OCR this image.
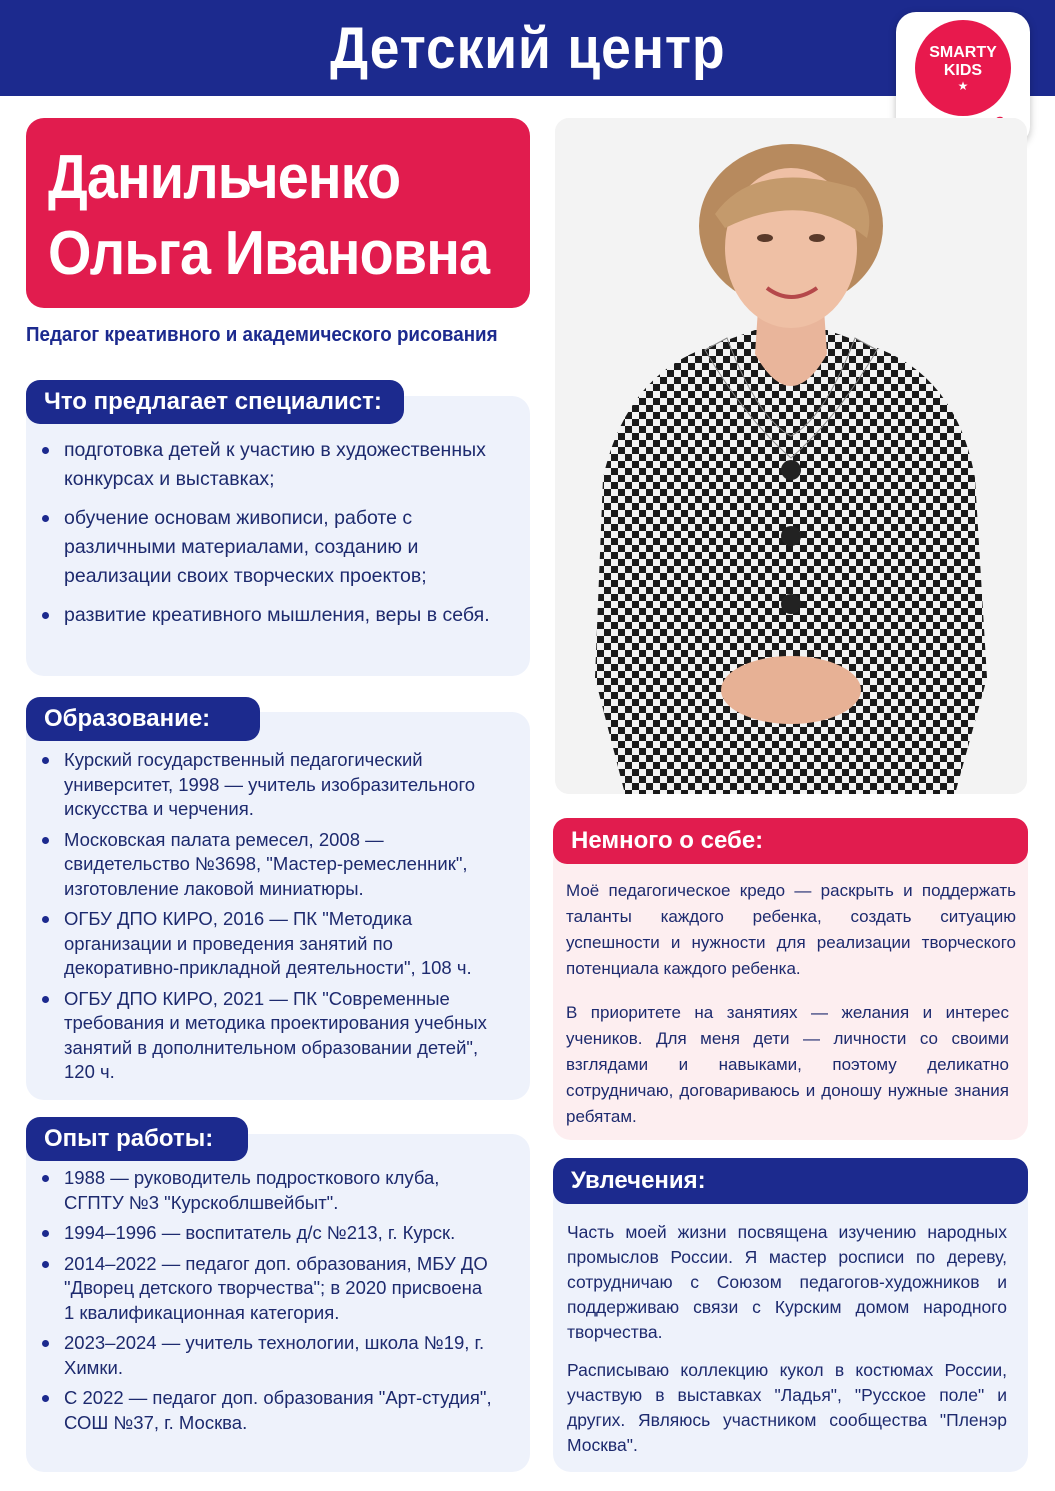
Детский центр	SMARTY
KIDS
★
Данильченко
Ольга Ивановна
Педагог креативного и академического рисования
Что предлагает специалист:
подготовка детей к участию в художественных конкурсах и выставках;
обучение основам живописи, работе с различными материалами, созданию и реализации своих творческих проектов;
развитие креативного мышления, веры в себя.
Образование:
Курский государственный педагогический университет, 1998 — учитель изобразительного искусства и черчения.
Московская палата ремесел, 2008 — свидетельство №3698, "Мастер-ремесленник", изготовление лаковой миниатюры.
ОГБУ ДПО КИРО, 2016 — ПК "Методика организации и проведения занятий по декоративно-прикладной деятельности", 108 ч.
ОГБУ ДПО КИРО, 2021 — ПК "Современные требования и методика проектирования учебных занятий в дополнительном образовании детей", 120 ч.
Опыт работы:
1988 — руководитель подросткового клуба, СГПТУ №3 "Курскоблшвейбыт".
1994–1996 — воспитатель д/с №213, г. Курск.
2014–2022 — педагог доп. образования, МБУ ДО "Дворец детского творчества"; в 2020 присвоена 1 квалификационная категория.
2023–2024 — учитель технологии, школа №19, г. Химки.
С 2022 — педагог доп. образования "Арт-студия", СОШ №37, г. Москва.
Немного о себе:
Моё педагогическое кредо — раскрыть и поддержать таланты каждого ребенка, создать ситуацию успешности и нужности для реализации творческого потенциала каждого ребенка.
В приоритете на занятиях — желания и интерес учеников. Для меня дети — личности со своими взглядами и навыками, поэтому деликатно сотрудничаю, договариваюсь и доношу нужные знания ребятам.
Увлечения:
Часть моей жизни посвящена изучению народных промыслов России. Я мастер росписи по дереву, сотрудничаю с Союзом педагогов-художников и поддерживаю связи с Курским домом народного творчества.
Расписываю коллекцию кукол в костюмах России, участвую в выставках "Ладья", "Русское поле" и других. Являюсь участником сообщества "Пленэр Москва".
